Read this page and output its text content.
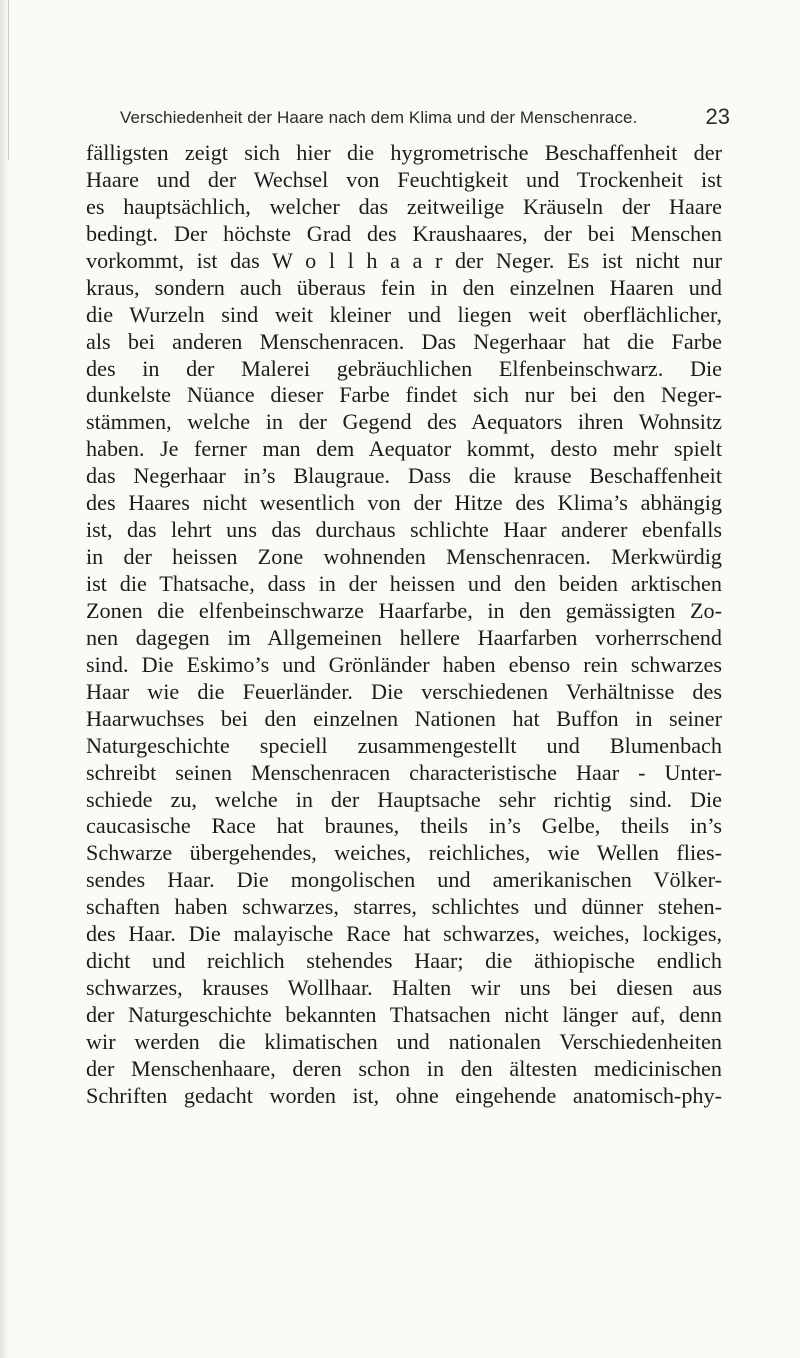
Verschiedenheit der Haare nach dem Klima und der Menschenrace.	23
fälligsten zeigt sich hier die hygrometrische Beschaffenheit der
Haare und der Wechsel von Feuchtigkeit und Trockenheit ist
es hauptsächlich, welcher das zeitweilige Kräuseln der Haare
bedingt. Der höchste Grad des Kraushaares, der bei Menschen
vorkommt, ist das W o l l h a a r der Neger. Es ist nicht nur
kraus, sondern auch überaus fein in den einzelnen Haaren und
die Wurzeln sind weit kleiner und liegen weit oberflächlicher,
als bei anderen Menschenracen. Das Negerhaar hat die Farbe
des in der Malerei gebräuchlichen Elfenbeinschwarz. Die
dunkelste Nüance dieser Farbe findet sich nur bei den Neger-
stämmen, welche in der Gegend des Aequators ihren Wohnsitz
haben. Je ferner man dem Aequator kommt, desto mehr spielt
das Negerhaar in’s Blaugraue. Dass die krause Beschaffenheit
des Haares nicht wesentlich von der Hitze des Klima’s abhängig
ist, das lehrt uns das durchaus schlichte Haar anderer ebenfalls
in der heissen Zone wohnenden Menschenracen. Merkwürdig
ist die Thatsache, dass in der heissen und den beiden arktischen
Zonen die elfenbeinschwarze Haarfarbe, in den gemässigten Zo-
nen dagegen im Allgemeinen hellere Haarfarben vorherrschend
sind. Die Eskimo’s und Grönländer haben ebenso rein schwarzes
Haar wie die Feuerländer. Die verschiedenen Verhältnisse des
Haarwuchses bei den einzelnen Nationen hat Buffon in seiner
Naturgeschichte speciell zusammengestellt und Blumenbach
schreibt seinen Menschenracen characteristische Haar - Unter-
schiede zu, welche in der Hauptsache sehr richtig sind. Die
caucasische Race hat braunes, theils in’s Gelbe, theils in’s
Schwarze übergehendes, weiches, reichliches, wie Wellen flies-
sendes Haar. Die mongolischen und amerikanischen Völker-
schaften haben schwarzes, starres, schlichtes und dünner stehen-
des Haar. Die malayische Race hat schwarzes, weiches, lockiges,
dicht und reichlich stehendes Haar; die äthiopische endlich
schwarzes, krauses Wollhaar. Halten wir uns bei diesen aus
der Naturgeschichte bekannten Thatsachen nicht länger auf, denn
wir werden die klimatischen und nationalen Verschiedenheiten
der Menschenhaare, deren schon in den ältesten medicinischen
Schriften gedacht worden ist, ohne eingehende anatomisch-phy-
